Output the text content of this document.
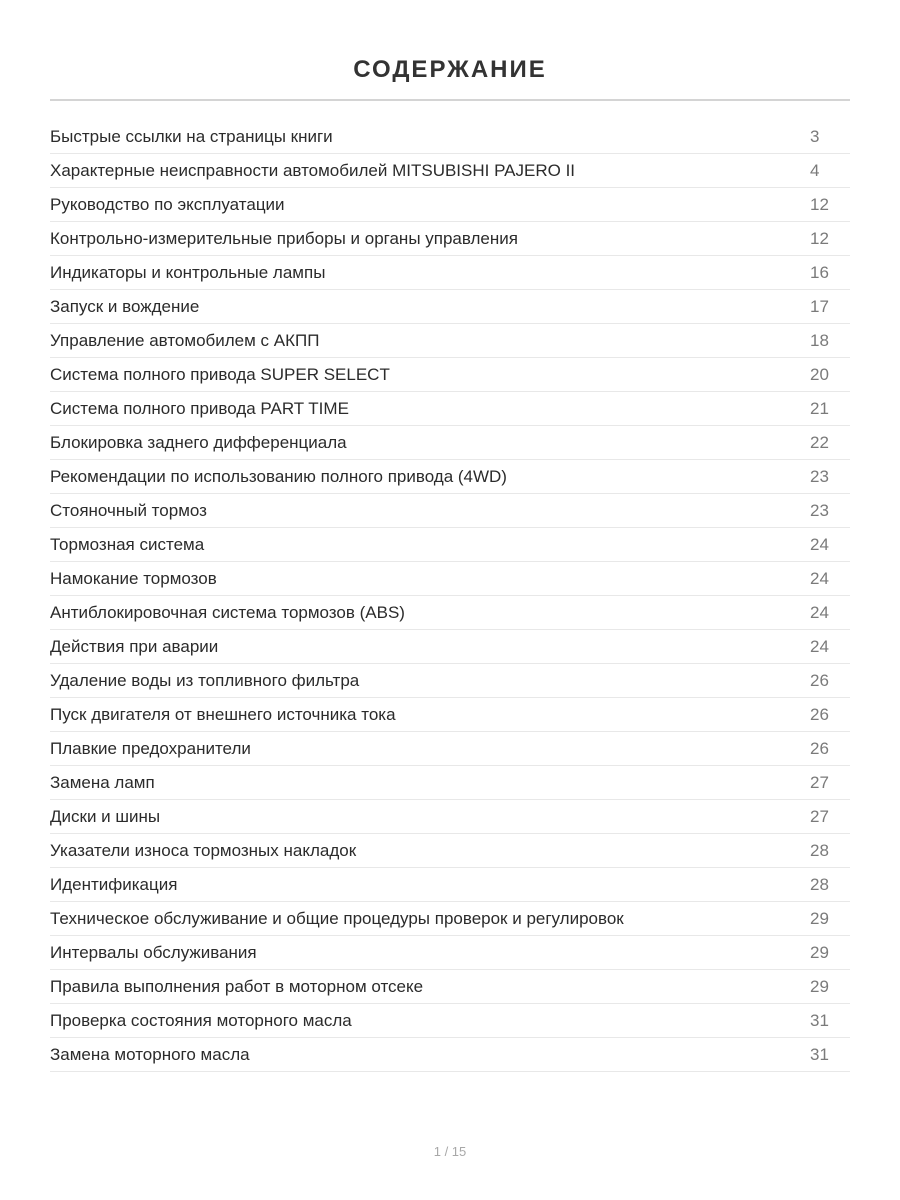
СОДЕРЖАНИЕ
Быстрые ссылки на страницы книги	3
Характерные неисправности автомобилей MITSUBISHI PAJERO II	4
Руководство по эксплуатации	12
Контрольно-измерительные приборы и органы управления	12
Индикаторы и контрольные лампы	16
Запуск и вождение	17
Управление автомобилем с АКПП	18
Система полного привода SUPER SELECT	20
Система полного привода PART TIME	21
Блокировка заднего дифференциала	22
Рекомендации по использованию полного привода (4WD)	23
Стояночный тормоз	23
Тормозная система	24
Намокание тормозов	24
Антиблокировочная система тормозов (ABS)	24
Действия при аварии	24
Удаление воды из топливного фильтра	26
Пуск двигателя от внешнего источника тока	26
Плавкие предохранители	26
Замена ламп	27
Диски и шины	27
Указатели износа тормозных накладок	28
Идентификация	28
Техническое обслуживание и общие процедуры проверок и регулировок	29
Интервалы обслуживания	29
Правила выполнения работ в моторном отсеке	29
Проверка состояния моторного масла	31
Замена моторного масла	31
1 / 15
